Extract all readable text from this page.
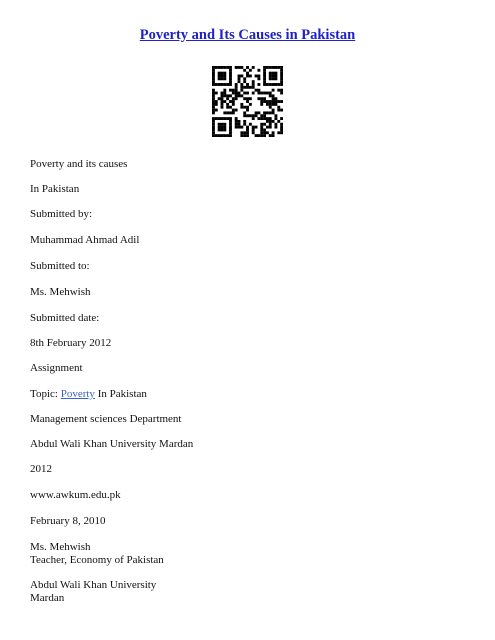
Poverty and Its Causes in Pakistan
Poverty and its causes
In Pakistan
Submitted by:
Muhammad Ahmad Adil
Submitted to:
Ms. Mehwish
Submitted date:
8th February 2012
Assignment
Topic: Poverty In Pakistan
Management sciences Department
Abdul Wali Khan University Mardan
2012
www.awkum.edu.pk
February 8, 2010
Ms. Mehwish
Teacher, Economy of Pakistan
Abdul Wali Khan University
Mardan
